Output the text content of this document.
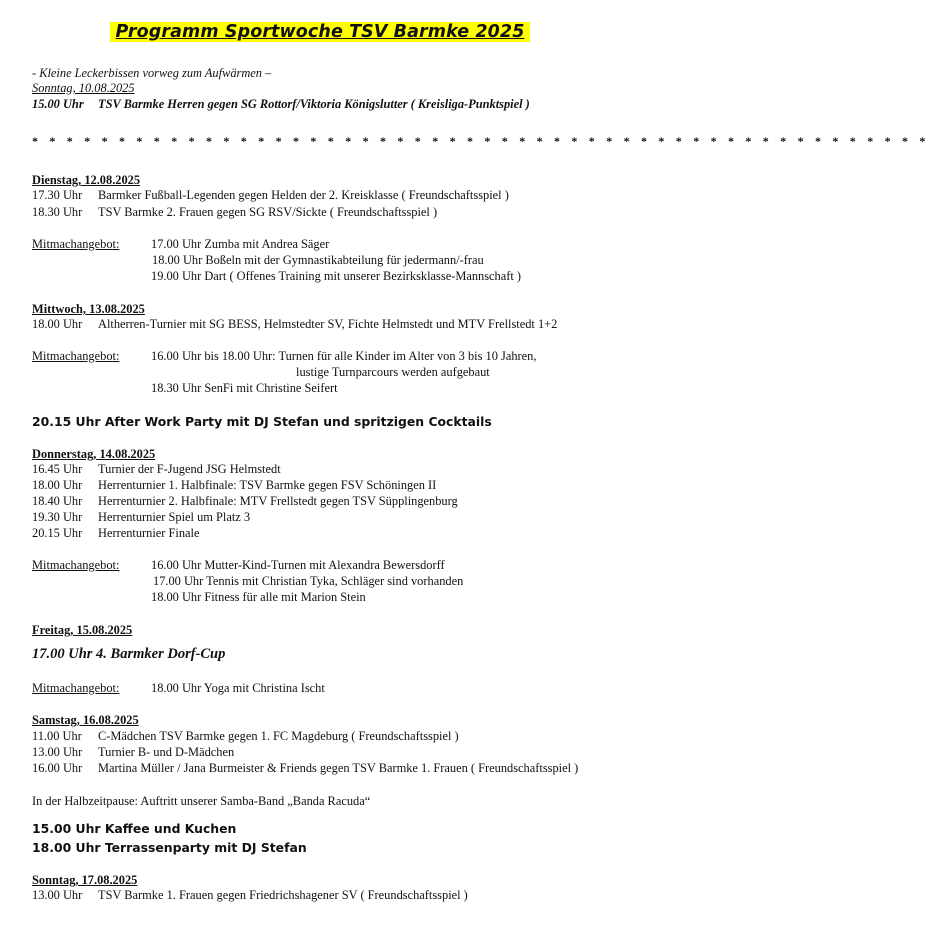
Programm Sportwoche TSV Barmke 2025
- Kleine Leckerbissen vorweg zum Aufwärmen –
Sonntag, 10.08.2025
15.00 Uhr TSV Barmke Herren gegen SG Rottorf/Viktoria Königslutter ( Kreisliga-Punktspiel )
* * * * * * * * * * * * * * * * * * * * * * * * * * * * * * * * * * * * * * * * * * * * * * * * * * * *
Dienstag, 12.08.2025
17.30 Uhr Barmker Fußball-Legenden gegen Helden der 2. Kreisklasse ( Freundschaftsspiel )
18.30 Uhr TSV Barmke 2. Frauen gegen SG RSV/Sickte ( Freundschaftsspiel )
Mitmachangebot:	17.00 Uhr Zumba mit Andrea Säger
18.00 Uhr Boßeln mit der Gymnastikabteilung für jedermann/-frau
19.00 Uhr Dart ( Offenes Training mit unserer Bezirksklasse-Mannschaft )
Mittwoch, 13.08.2025
18.00 Uhr Altherren-Turnier mit SG BESS, Helmstedter SV, Fichte Helmstedt und MTV Frellstedt 1+2
Mitmachangebot:	16.00 Uhr bis 18.00 Uhr: Turnen für alle Kinder im Alter von 3 bis 10 Jahren,
lustige Turnparcours werden aufgebaut
18.30 Uhr SenFi mit Christine Seifert
20.15 Uhr After Work Party mit DJ Stefan und spritzigen Cocktails
Donnerstag, 14.08.2025
16.45 Uhr Turnier der F-Jugend JSG Helmstedt
18.00 Uhr Herrenturnier 1. Halbfinale: TSV Barmke gegen FSV Schöningen II
18.40 Uhr Herrenturnier 2. Halbfinale: MTV Frellstedt gegen TSV Süpplingenburg
19.30 Uhr Herrenturnier Spiel um Platz 3
20.15 Uhr Herrenturnier Finale
Mitmachangebot:	16.00 Uhr Mutter-Kind-Turnen mit Alexandra Bewersdorff
17.00 Uhr Tennis mit Christian Tyka, Schläger sind vorhanden
18.00 Uhr Fitness für alle mit Marion Stein
Freitag, 15.08.2025
17.00 Uhr 4. Barmker Dorf-Cup
Mitmachangebot:	18.00 Uhr Yoga mit Christina Ischt
Samstag, 16.08.2025
11.00 Uhr C-Mädchen TSV Barmke gegen 1. FC Magdeburg ( Freundschaftsspiel )
13.00 Uhr Turnier B- und D-Mädchen
16.00 Uhr Martina Müller / Jana Burmeister & Friends gegen TSV Barmke 1. Frauen ( Freundschaftsspiel )
In der Halbzeitpause: Auftritt unserer Samba-Band „Banda Racuda“
15.00 Uhr Kaffee und Kuchen
18.00 Uhr Terrassenparty mit DJ Stefan
Sonntag, 17.08.2025
13.00 Uhr TSV Barmke 1. Frauen gegen Friedrichshagener SV ( Freundschaftsspiel )
